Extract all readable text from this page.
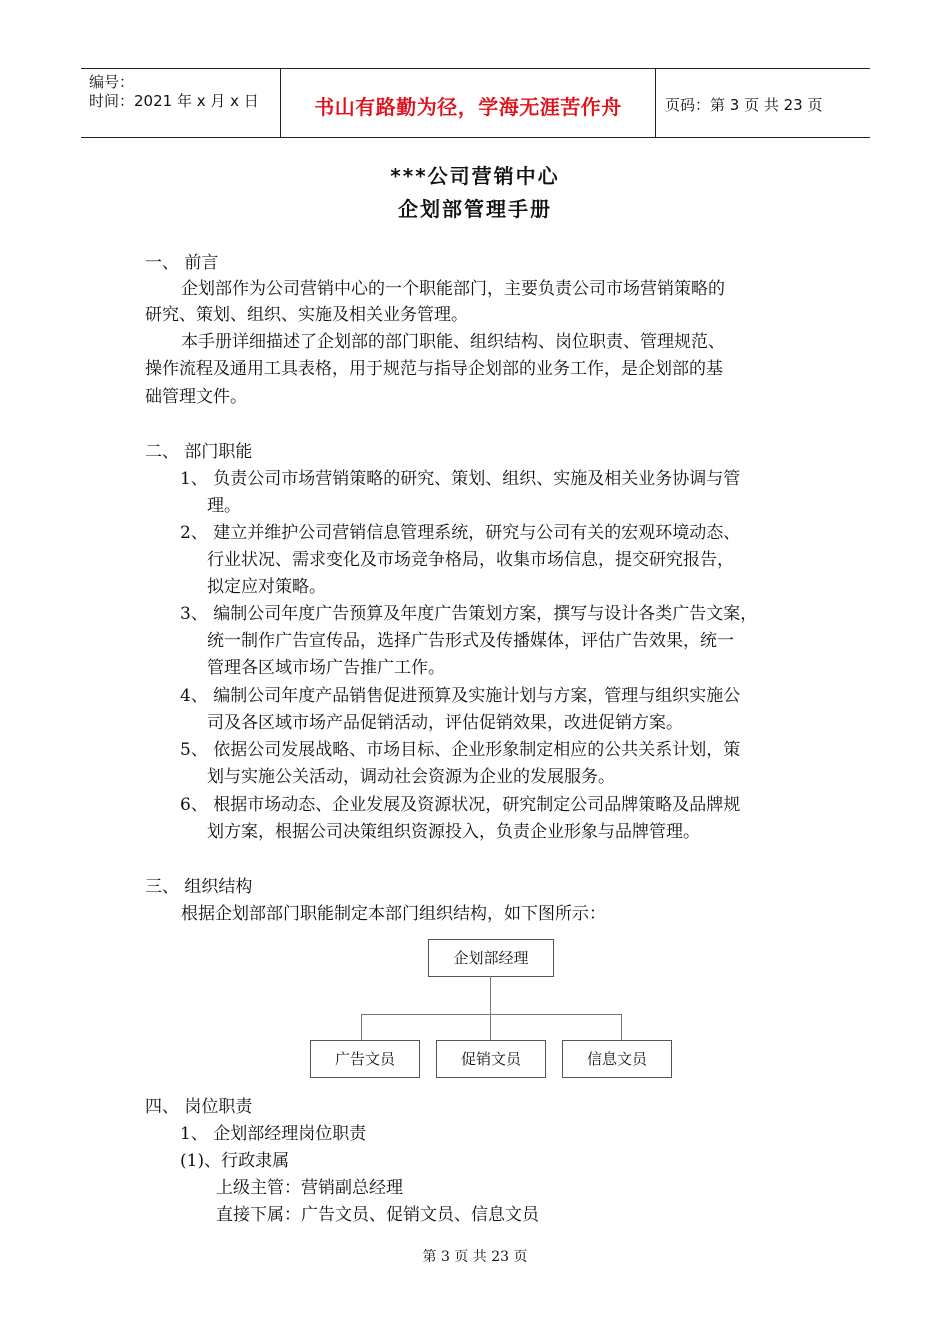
编号：
时间：2021 年 x 月 x 日	书山有路勤为径，学海无涯苦作舟	页码：第 3 页 共 23 页
***公司营销中心
企划部管理手册
一、 前言
企划部作为公司营销中心的一个职能部门，主要负责公司市场营销策略的
研究、策划、组织、实施及相关业务管理。
本手册详细描述了企划部的部门职能、组织结构、岗位职责、管理规范、
操作流程及通用工具表格，用于规范与指导企划部的业务工作，是企划部的基
础管理文件。
二、 部门职能
1、 负责公司市场营销策略的研究、策划、组织、实施及相关业务协调与管
理。
2、 建立并维护公司营销信息管理系统，研究与公司有关的宏观环境动态、
行业状况、需求变化及市场竞争格局，收集市场信息，提交研究报告，
拟定应对策略。
3、 编制公司年度广告预算及年度广告策划方案，撰写与设计各类广告文案，
统一制作广告宣传品，选择广告形式及传播媒体，评估广告效果，统一
管理各区域市场广告推广工作。
4、 编制公司年度产品销售促进预算及实施计划与方案，管理与组织实施公
司及各区域市场产品促销活动，评估促销效果，改进促销方案。
5、 依据公司发展战略、市场目标、企业形象制定相应的公共关系计划，策
划与实施公关活动，调动社会资源为企业的发展服务。
6、 根据市场动态、企业发展及资源状况，研究制定公司品牌策略及品牌规
划方案，根据公司决策组织资源投入，负责企业形象与品牌管理。
三、 组织结构
根据企划部部门职能制定本部门组织结构，如下图所示：
企划部经理
广告文员	促销文员	信息文员
四、 岗位职责
1、 企划部经理岗位职责
(1)、行政隶属
上级主管：营销副总经理
直接下属：广告文员、促销文员、信息文员
第 3 页 共 23 页
